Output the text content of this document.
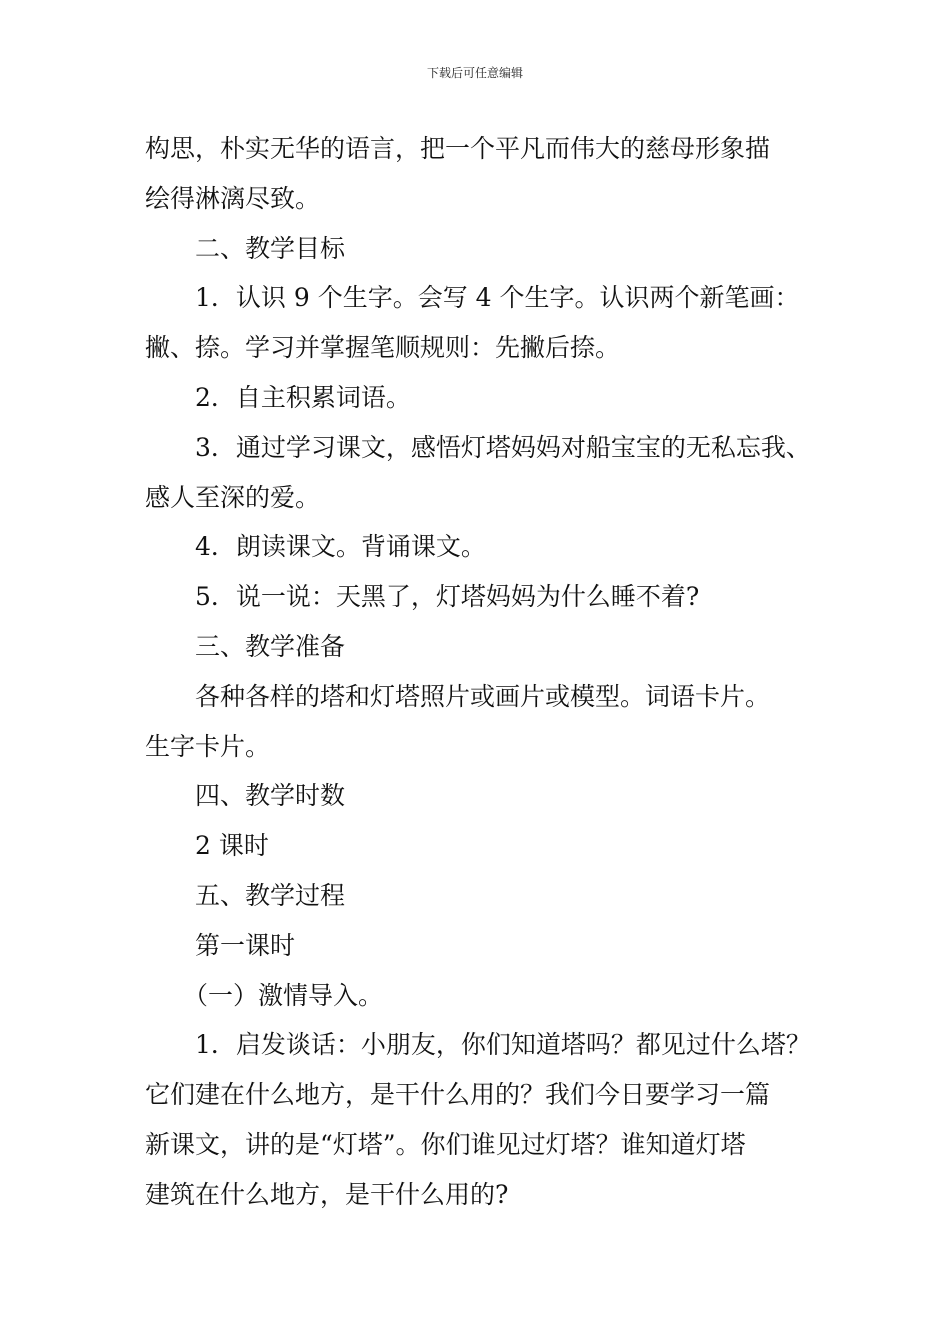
下载后可任意编辑
构思，朴实无华的语言，把一个平凡而伟大的慈母形象描
绘得淋漓尽致。
二、教学目标
1．认识 9 个生字。会写 4 个生字。认识两个新笔画：
撇、捺。学习并掌握笔顺规则：先撇后捺。
2．自主积累词语。
3．通过学习课文，感悟灯塔妈妈对船宝宝的无私忘我、
感人至深的爱。
4．朗读课文。背诵课文。
5．说一说：天黑了，灯塔妈妈为什么睡不着?
三、教学准备
各种各样的塔和灯塔照片或画片或模型。词语卡片。
生字卡片。
四、教学时数
2 课时
五、教学过程
第一课时
（一）激情导入。
1．启发谈话：小朋友，你们知道塔吗？都见过什么塔？
它们建在什么地方，是干什么用的？我们今日要学习一篇
新课文，讲的是“灯塔”。你们谁见过灯塔？谁知道灯塔
建筑在什么地方，是干什么用的?
